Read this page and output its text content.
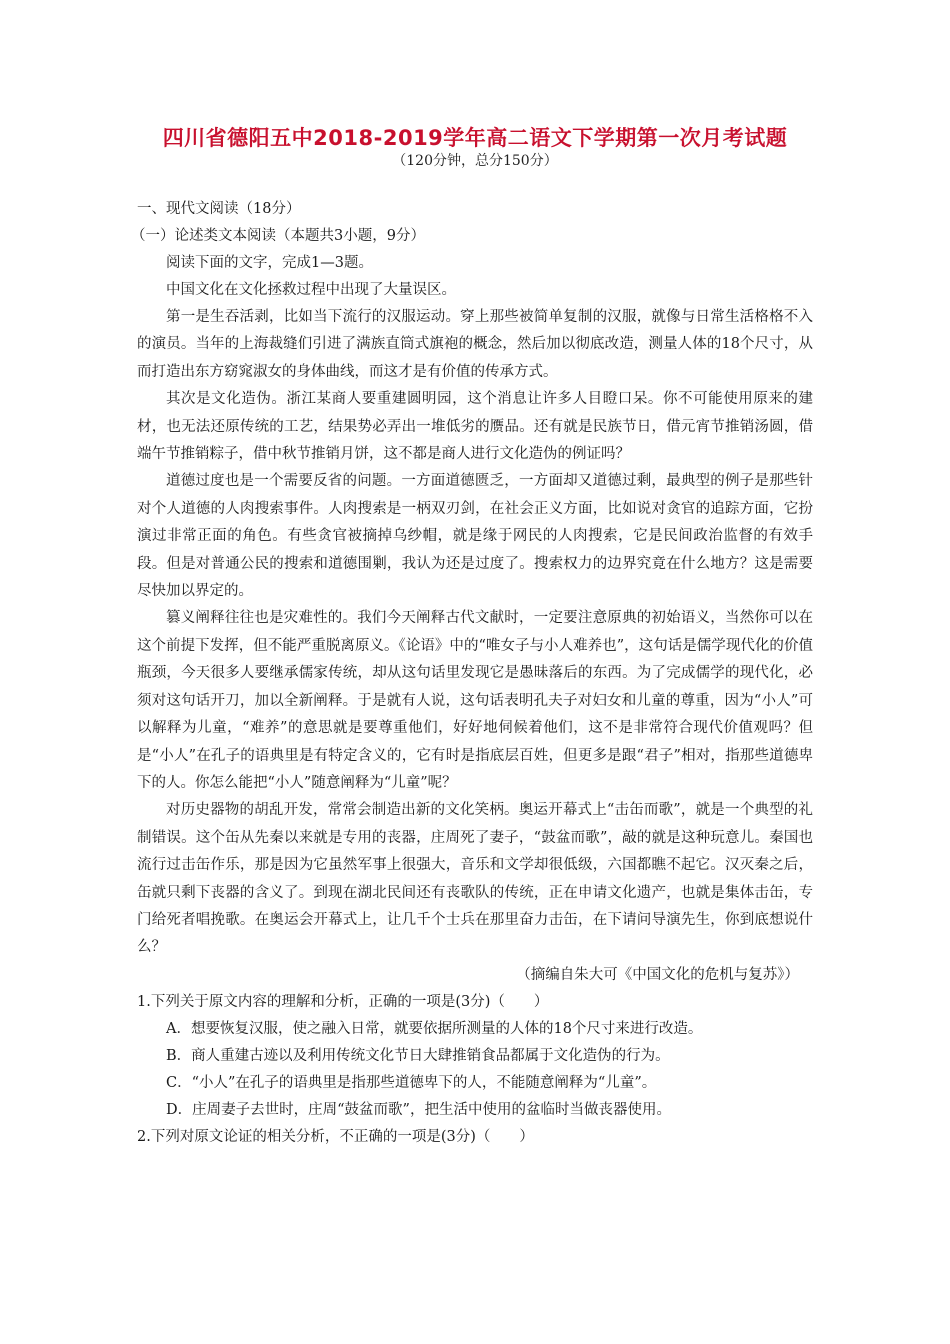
四川省德阳五中2018-2019学年高二语文下学期第一次月考试题
（120分钟，总分150分）

一、现代文阅读（18分）

（一）论述类文本阅读（本题共3小题，9分）

阅读下面的文字，完成1—3题。

中国文化在文化拯救过程中出现了大量误区。

第一是生吞活剥，比如当下流行的汉服运动。穿上那些被简单复制的汉服，就像与日常生活格格不入的演员。当年的上海裁缝们引进了满族直筒式旗袍的概念，然后加以彻底改造，测量人体的18个尺寸，从而打造出东方窈窕淑女的身体曲线，而这才是有价值的传承方式。

其次是文化造伪。浙江某商人要重建圆明园，这个消息让许多人目瞪口呆。你不可能使用原来的建材，也无法还原传统的工艺，结果势必弄出一堆低劣的赝品。还有就是民族节日，借元宵节推销汤圆，借端午节推销粽子，借中秋节推销月饼，这不都是商人进行文化造伪的例证吗？

道德过度也是一个需要反省的问题。一方面道德匮乏，一方面却又道德过剩，最典型的例子是那些针对个人道德的人肉搜索事件。人肉搜索是一柄双刃剑，在社会正义方面，比如说对贪官的追踪方面，它扮演过非常正面的角色。有些贪官被摘掉乌纱帽，就是缘于网民的人肉搜索，它是民间政治监督的有效手段。但是对普通公民的搜索和道德围剿，我认为还是过度了。搜索权力的边界究竟在什么地方？这是需要尽快加以界定的。

篡义阐释往往也是灾难性的。我们今天阐释古代文献时，一定要注意原典的初始语义，当然你可以在这个前提下发挥，但不能严重脱离原义。《论语》中的“唯女子与小人难养也”，这句话是儒学现代化的价值瓶颈，今天很多人要继承儒家传统，却从这句话里发现它是愚昧落后的东西。为了完成儒学的现代化，必须对这句话开刀，加以全新阐释。于是就有人说，这句话表明孔夫子对妇女和儿童的尊重，因为“小人”可以解释为儿童，“难养”的意思就是要尊重他们，好好地伺候着他们，这不是非常符合现代价值观吗？但是“小人”在孔子的语典里是有特定含义的，它有时是指底层百姓，但更多是跟“君子”相对，指那些道德卑下的人。你怎么能把“小人”随意阐释为“儿童”呢？

对历史器物的胡乱开发，常常会制造出新的文化笑柄。奥运开幕式上“击缶而歌”，就是一个典型的礼制错误。这个缶从先秦以来就是专用的丧器，庄周死了妻子，“鼓盆而歌”，敲的就是这种玩意儿。秦国也流行过击缶作乐，那是因为它虽然军事上很强大，音乐和文学却很低级，六国都瞧不起它。汉灭秦之后，缶就只剩下丧器的含义了。到现在湖北民间还有丧歌队的传统，正在申请文化遗产，也就是集体击缶，专门给死者唱挽歌。在奥运会开幕式上，让几千个士兵在那里奋力击缶，在下请问导演先生，你到底想说什么？

（摘编自朱大可《中国文化的危机与复苏》）

1.下列关于原文内容的理解和分析，正确的一项是(3分)（　　）

A．想要恢复汉服，使之融入日常，就要依据所测量的人体的18个尺寸来进行改造。

B．商人重建古迹以及利用传统文化节日大肆推销食品都属于文化造伪的行为。

C．“小人”在孔子的语典里是指那些道德卑下的人，不能随意阐释为“儿童”。

D．庄周妻子去世时，庄周“鼓盆而歌”，把生活中使用的盆临时当做丧器使用。

2.下列对原文论证的相关分析，不正确的一项是(3分)（　　）
